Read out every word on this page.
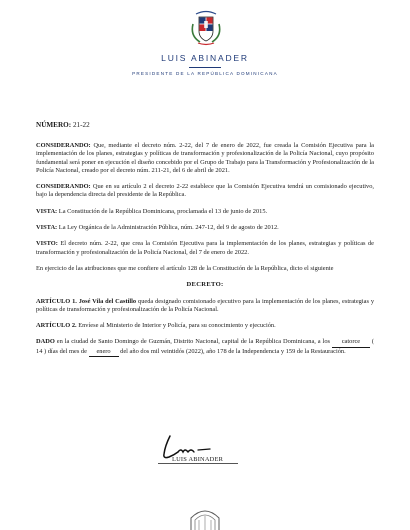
LUIS ABINADER
PRESIDENTE DE LA REPÚBLICA DOMINICANA
NÚMERO: 21-22

CONSIDERANDO: Que, mediante el decreto núm. 2-22, del 7 de enero de 2022, fue creada la Comisión Ejecutiva para la implementación de los planes, estrategias y políticas de transformación y profesionalización de la Policía Nacional, cuyo propósito fundamental será poner en ejecución el diseño concebido por el Grupo de Trabajo para la Transformación y Profesionalización de la Policía Nacional, creado por el decreto núm. 211-21, del 6 de abril de 2021.

CONSIDERANDO: Que en su artículo 2 el decreto 2-22 establece que la Comisión Ejecutiva tendrá un comisionado ejecutivo, bajo la dependencia directa del presidente de la República.

VISTA: La Constitución de la República Dominicana, proclamada el 13 de junio de 2015.

VISTA: La Ley Orgánica de la Administración Pública, núm. 247-12, del 9 de agosto de 2012.

VISTO: El decreto núm. 2-22, que crea la Comisión Ejecutiva para la implementación de los planes, estrategias y políticas de transformación y profesionalización de la Policía Nacional, del 7 de enero de 2022.

En ejercicio de las atribuciones que me confiere el artículo 128 de la Constitución de la República, dicto el siguiente

DECRETO:

ARTÍCULO 1. José Vila del Castillo queda designado comisionado ejecutivo para la implementación de los planes, estrategias y políticas de transformación y profesionalización de la Policía Nacional.

ARTÍCULO 2. Envíese al Ministerio de Interior y Policía, para su conocimiento y ejecución.

DADO en la ciudad de Santo Domingo de Guzmán, Distrito Nacional, capital de la República Dominicana, a los catorce ( 14 ) días del mes de enero del año dos mil veintidós (2022), año 178 de la Independencia y 159 de la Restauración.

LUIS ABINADER
